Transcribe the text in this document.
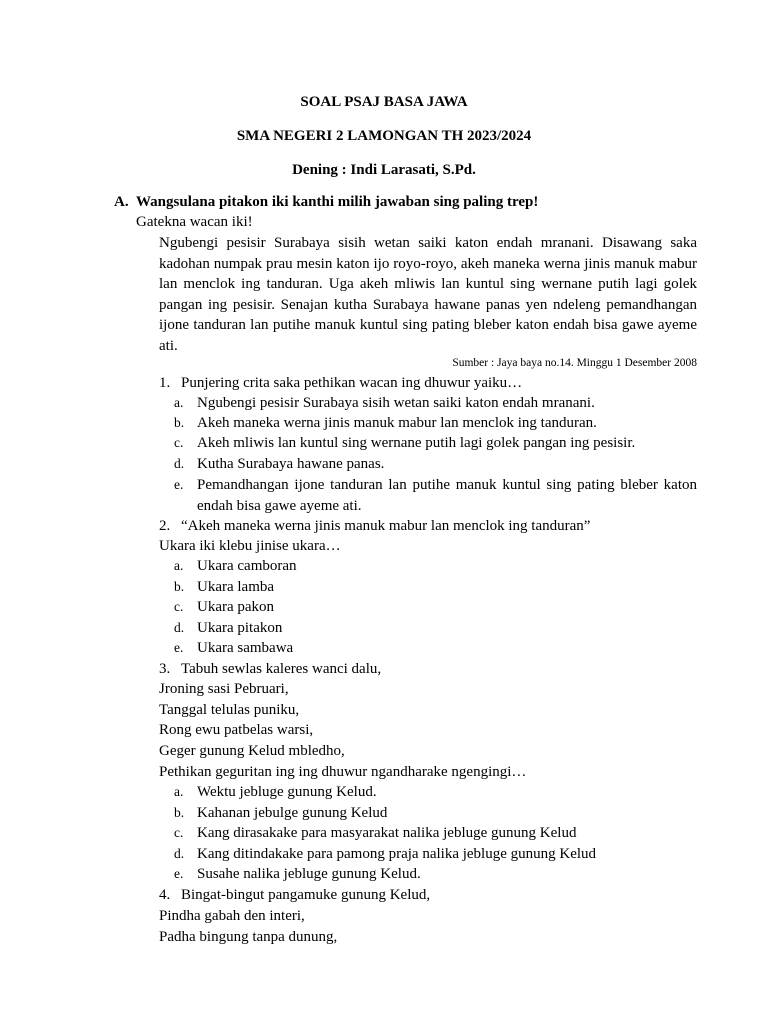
SOAL PSAJ BASA JAWA
SMA NEGERI 2 LAMONGAN TH 2023/2024
Dening : Indi Larasati, S.Pd.
A. Wangsulana pitakon iki kanthi milih jawaban sing paling trep!
Gatekna wacan iki!
Ngubengi pesisir Surabaya sisih wetan saiki katon endah mranani. Disawang saka kadohan numpak prau mesin katon ijo royo-royo, akeh maneka werna jinis manuk mabur lan menclok ing tanduran. Uga akeh mliwis lan kuntul sing wernane putih lagi golek pangan ing pesisir. Senajan kutha Surabaya hawane panas yen ndeleng pemandhangan ijone tanduran lan putihe manuk kuntul sing pating bleber katon endah bisa gawe ayeme ati.
Sumber : Jaya baya no.14. Minggu 1 Desember 2008
1. Punjering crita saka pethikan wacan ing dhuwur yaiku…
a. Ngubengi pesisir Surabaya sisih wetan saiki katon endah mranani.
b. Akeh maneka werna jinis manuk mabur lan menclok ing tanduran.
c. Akeh mliwis lan kuntul sing wernane putih lagi golek pangan ing pesisir.
d. Kutha Surabaya hawane panas.
e. Pemandhangan ijone tanduran lan putihe manuk kuntul sing pating bleber katon endah bisa gawe ayeme ati.
2. “Akeh maneka werna jinis manuk mabur lan menclok ing tanduran”
Ukara iki klebu jinise ukara…
a. Ukara camboran
b. Ukara lamba
c. Ukara pakon
d. Ukara pitakon
e. Ukara sambawa
3. Tabuh sewlas kaleres wanci dalu,
Jroning sasi Pebruari,
Tanggal telulas puniku,
Rong ewu patbelas warsi,
Geger gunung Kelud mbledho,
Pethikan geguritan ing ing dhuwur ngandharake ngengingi…
a. Wektu jebluge gunung Kelud.
b. Kahanan jebulge gunung Kelud
c. Kang dirasakake para masyarakat nalika jebluge gunung Kelud
d. Kang ditindakake para pamong praja nalika jebluge gunung Kelud
e. Susahe nalika jebluge gunung Kelud.
4. Bingat-bingut pangamuke gunung Kelud,
Pindha gabah den interi,
Padha bingung tanpa dunung,
